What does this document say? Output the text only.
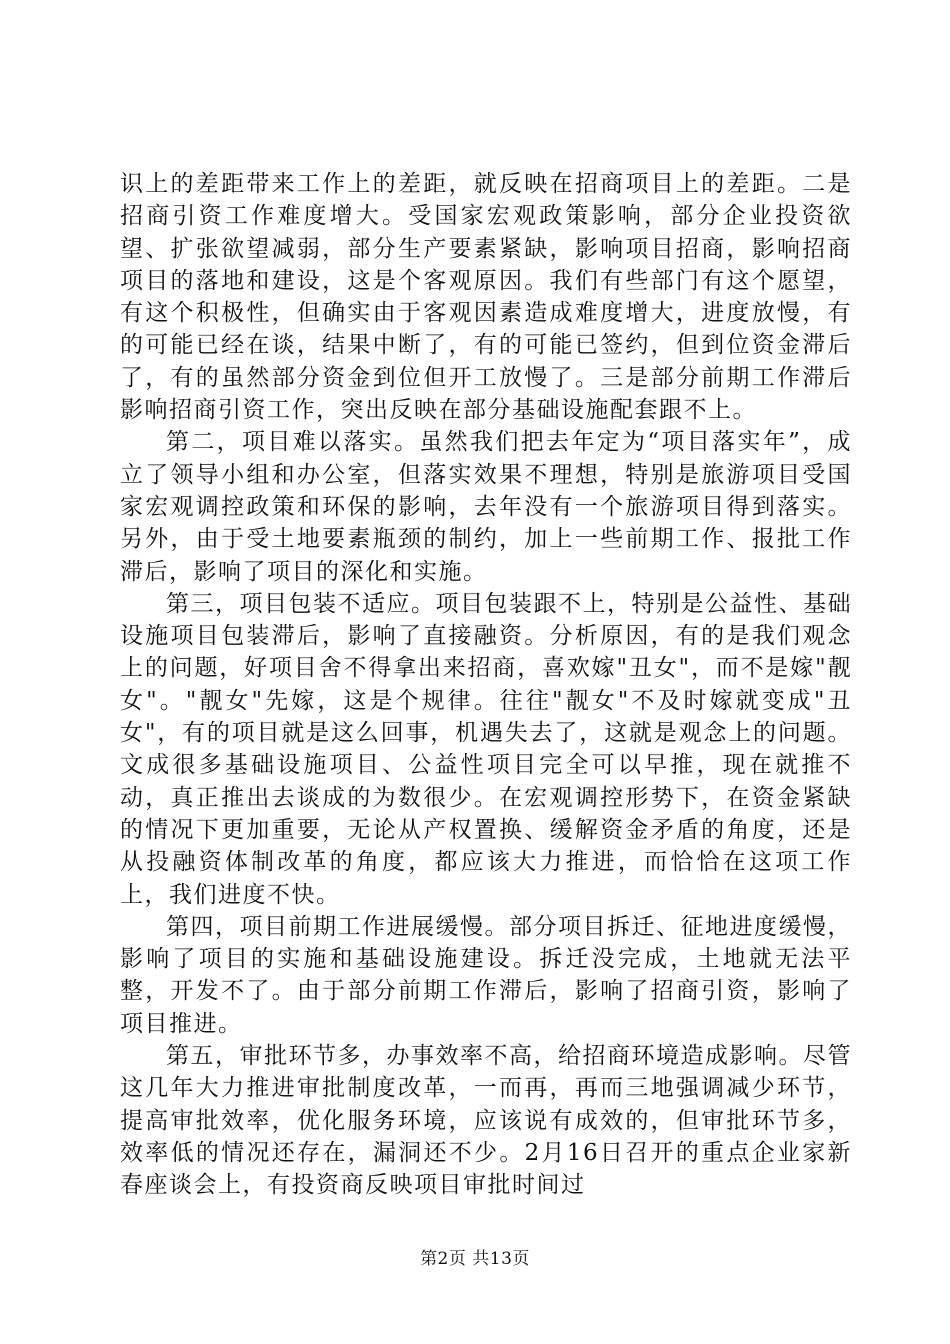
识上的差距带来工作上的差距，就反映在招商项目上的差距。二是招商引资工作难度增大。受国家宏观政策影响，部分企业投资欲望、扩张欲望减弱，部分生产要素紧缺，影响项目招商，影响招商项目的落地和建设，这是个客观原因。我们有些部门有这个愿望，有这个积极性，但确实由于客观因素造成难度增大，进度放慢，有的可能已经在谈，结果中断了，有的可能已签约，但到位资金滞后了，有的虽然部分资金到位但开工放慢了。三是部分前期工作滞后影响招商引资工作，突出反映在部分基础设施配套跟不上。

第二，项目难以落实。虽然我们把去年定为“项目落实年”，成立了领导小组和办公室，但落实效果不理想，特别是旅游项目受国家宏观调控政策和环保的影响，去年没有一个旅游项目得到落实。另外，由于受土地要素瓶颈的制约，加上一些前期工作、报批工作滞后，影响了项目的深化和实施。

第三，项目包装不适应。项目包装跟不上，特别是公益性、基础设施项目包装滞后，影响了直接融资。分析原因，有的是我们观念上的问题，好项目舍不得拿出来招商，喜欢嫁"丑女"，而不是嫁"靓女"。"靓女"先嫁，这是个规律。往往"靓女"不及时嫁就变成"丑女"，有的项目就是这么回事，机遇失去了，这就是观念上的问题。文成很多基础设施项目、公益性项目完全可以早推，现在就推不动，真正推出去谈成的为数很少。在宏观调控形势下，在资金紧缺的情况下更加重要，无论从产权置换、缓解资金矛盾的角度，还是从投融资体制改革的角度，都应该大力推进，而恰恰在这项工作上，我们进度不快。

第四，项目前期工作进展缓慢。部分项目拆迁、征地进度缓慢，影响了项目的实施和基础设施建设。拆迁没完成，土地就无法平整，开发不了。由于部分前期工作滞后，影响了招商引资，影响了项目推进。

第五，审批环节多，办事效率不高，给招商环境造成影响。尽管这几年大力推进审批制度改革，一而再，再而三地强调减少环节，提高审批效率，优化服务环境，应该说有成效的，但审批环节多，效率低的情况还存在，漏洞还不少。2月16日召开的重点企业家新春座谈会上，有投资商反映项目审批时间过

第2页 共13页
